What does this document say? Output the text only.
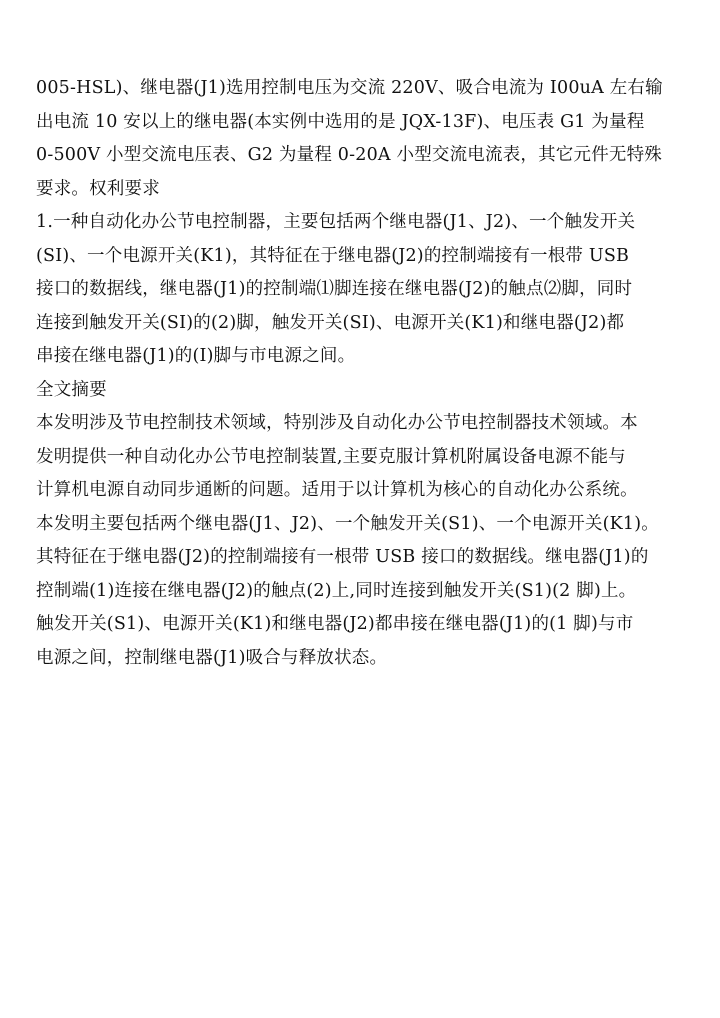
005-HSL)、继电器(J1)选用控制电压为交流 220V、吸合电流为 I00uA 左右输
出电流 10 安以上的继电器(本实例中选用的是 JQX-13F)、电压表 G1 为量程
0-500V 小型交流电压表、G2 为量程 0-20A 小型交流电流表，其它元件无特殊
要求。权利要求
1.一种自动化办公节电控制器，主要包括两个继电器(J1、J2)、一个触发开关
(SI)、一个电源开关(K1)，其特征在于继电器(J2)的控制端接有一根带 USB
接口的数据线，继电器(J1)的控制端⑴脚连接在继电器(J2)的触点⑵脚，同时
连接到触发开关(SI)的(2)脚，触发开关(SI)、电源开关(K1)和继电器(J2)都
串接在继电器(J1)的(I)脚与市电源之间。
全文摘要
本发明涉及节电控制技术领域，特别涉及自动化办公节电控制器技术领域。本
发明提供一种自动化办公节电控制装置,主要克服计算机附属设备电源不能与
计算机电源自动同步通断的问题。适用于以计算机为核心的自动化办公系统。
本发明主要包括两个继电器(J1、J2)、一个触发开关(S1)、一个电源开关(K1)。
其特征在于继电器(J2)的控制端接有一根带 USB 接口的数据线。继电器(J1)的
控制端(1)连接在继电器(J2)的触点(2)上,同时连接到触发开关(S1)(2 脚)上。
触发开关(S1)、电源开关(K1)和继电器(J2)都串接在继电器(J1)的(1 脚)与市
电源之间，控制继电器(J1)吸合与释放状态。
